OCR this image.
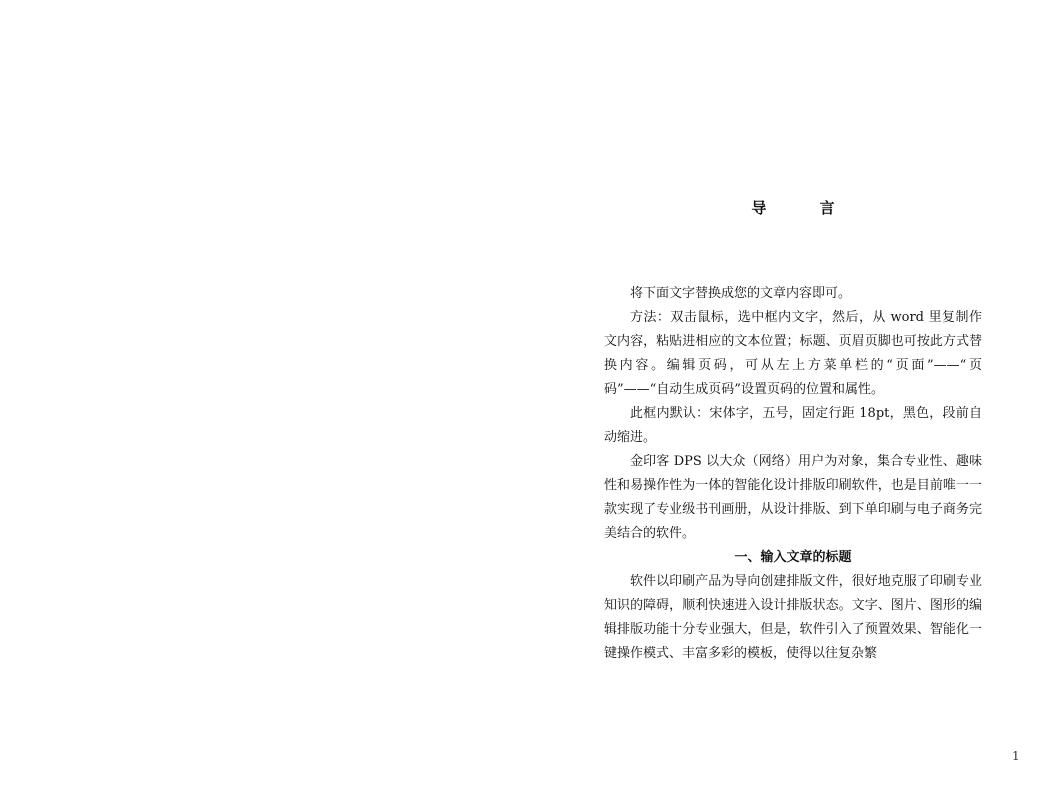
导 言

将下面文字替换成您的文章内容即可。

方法：双击鼠标，选中框内文字，然后，从 word 里复制作文内容，粘贴进相应的文本位置；标题、页眉页脚也可按此方式替换内容。编辑页码，可从左上方菜单栏的“页面”——“页码”——“自动生成页码”设置页码的位置和属性。

此框内默认：宋体字，五号，固定行距 18pt，黑色，段前自动缩进。

金印客 DPS 以大众（网络）用户为对象，集合专业性、趣味性和易操作性为一体的智能化设计排版印刷软件，也是目前唯一一款实现了专业级书刊画册，从设计排版、到下单印刷与电子商务完美结合的软件。

一、输入文章的标题

软件以印刷产品为导向创建排版文件，很好地克服了印刷专业知识的障碍，顺利快速进入设计排版状态。文字、图片、图形的编辑排版功能十分专业强大，但是，软件引入了预置效果、智能化一键操作模式、丰富多彩的模板，使得以往复杂繁

1
